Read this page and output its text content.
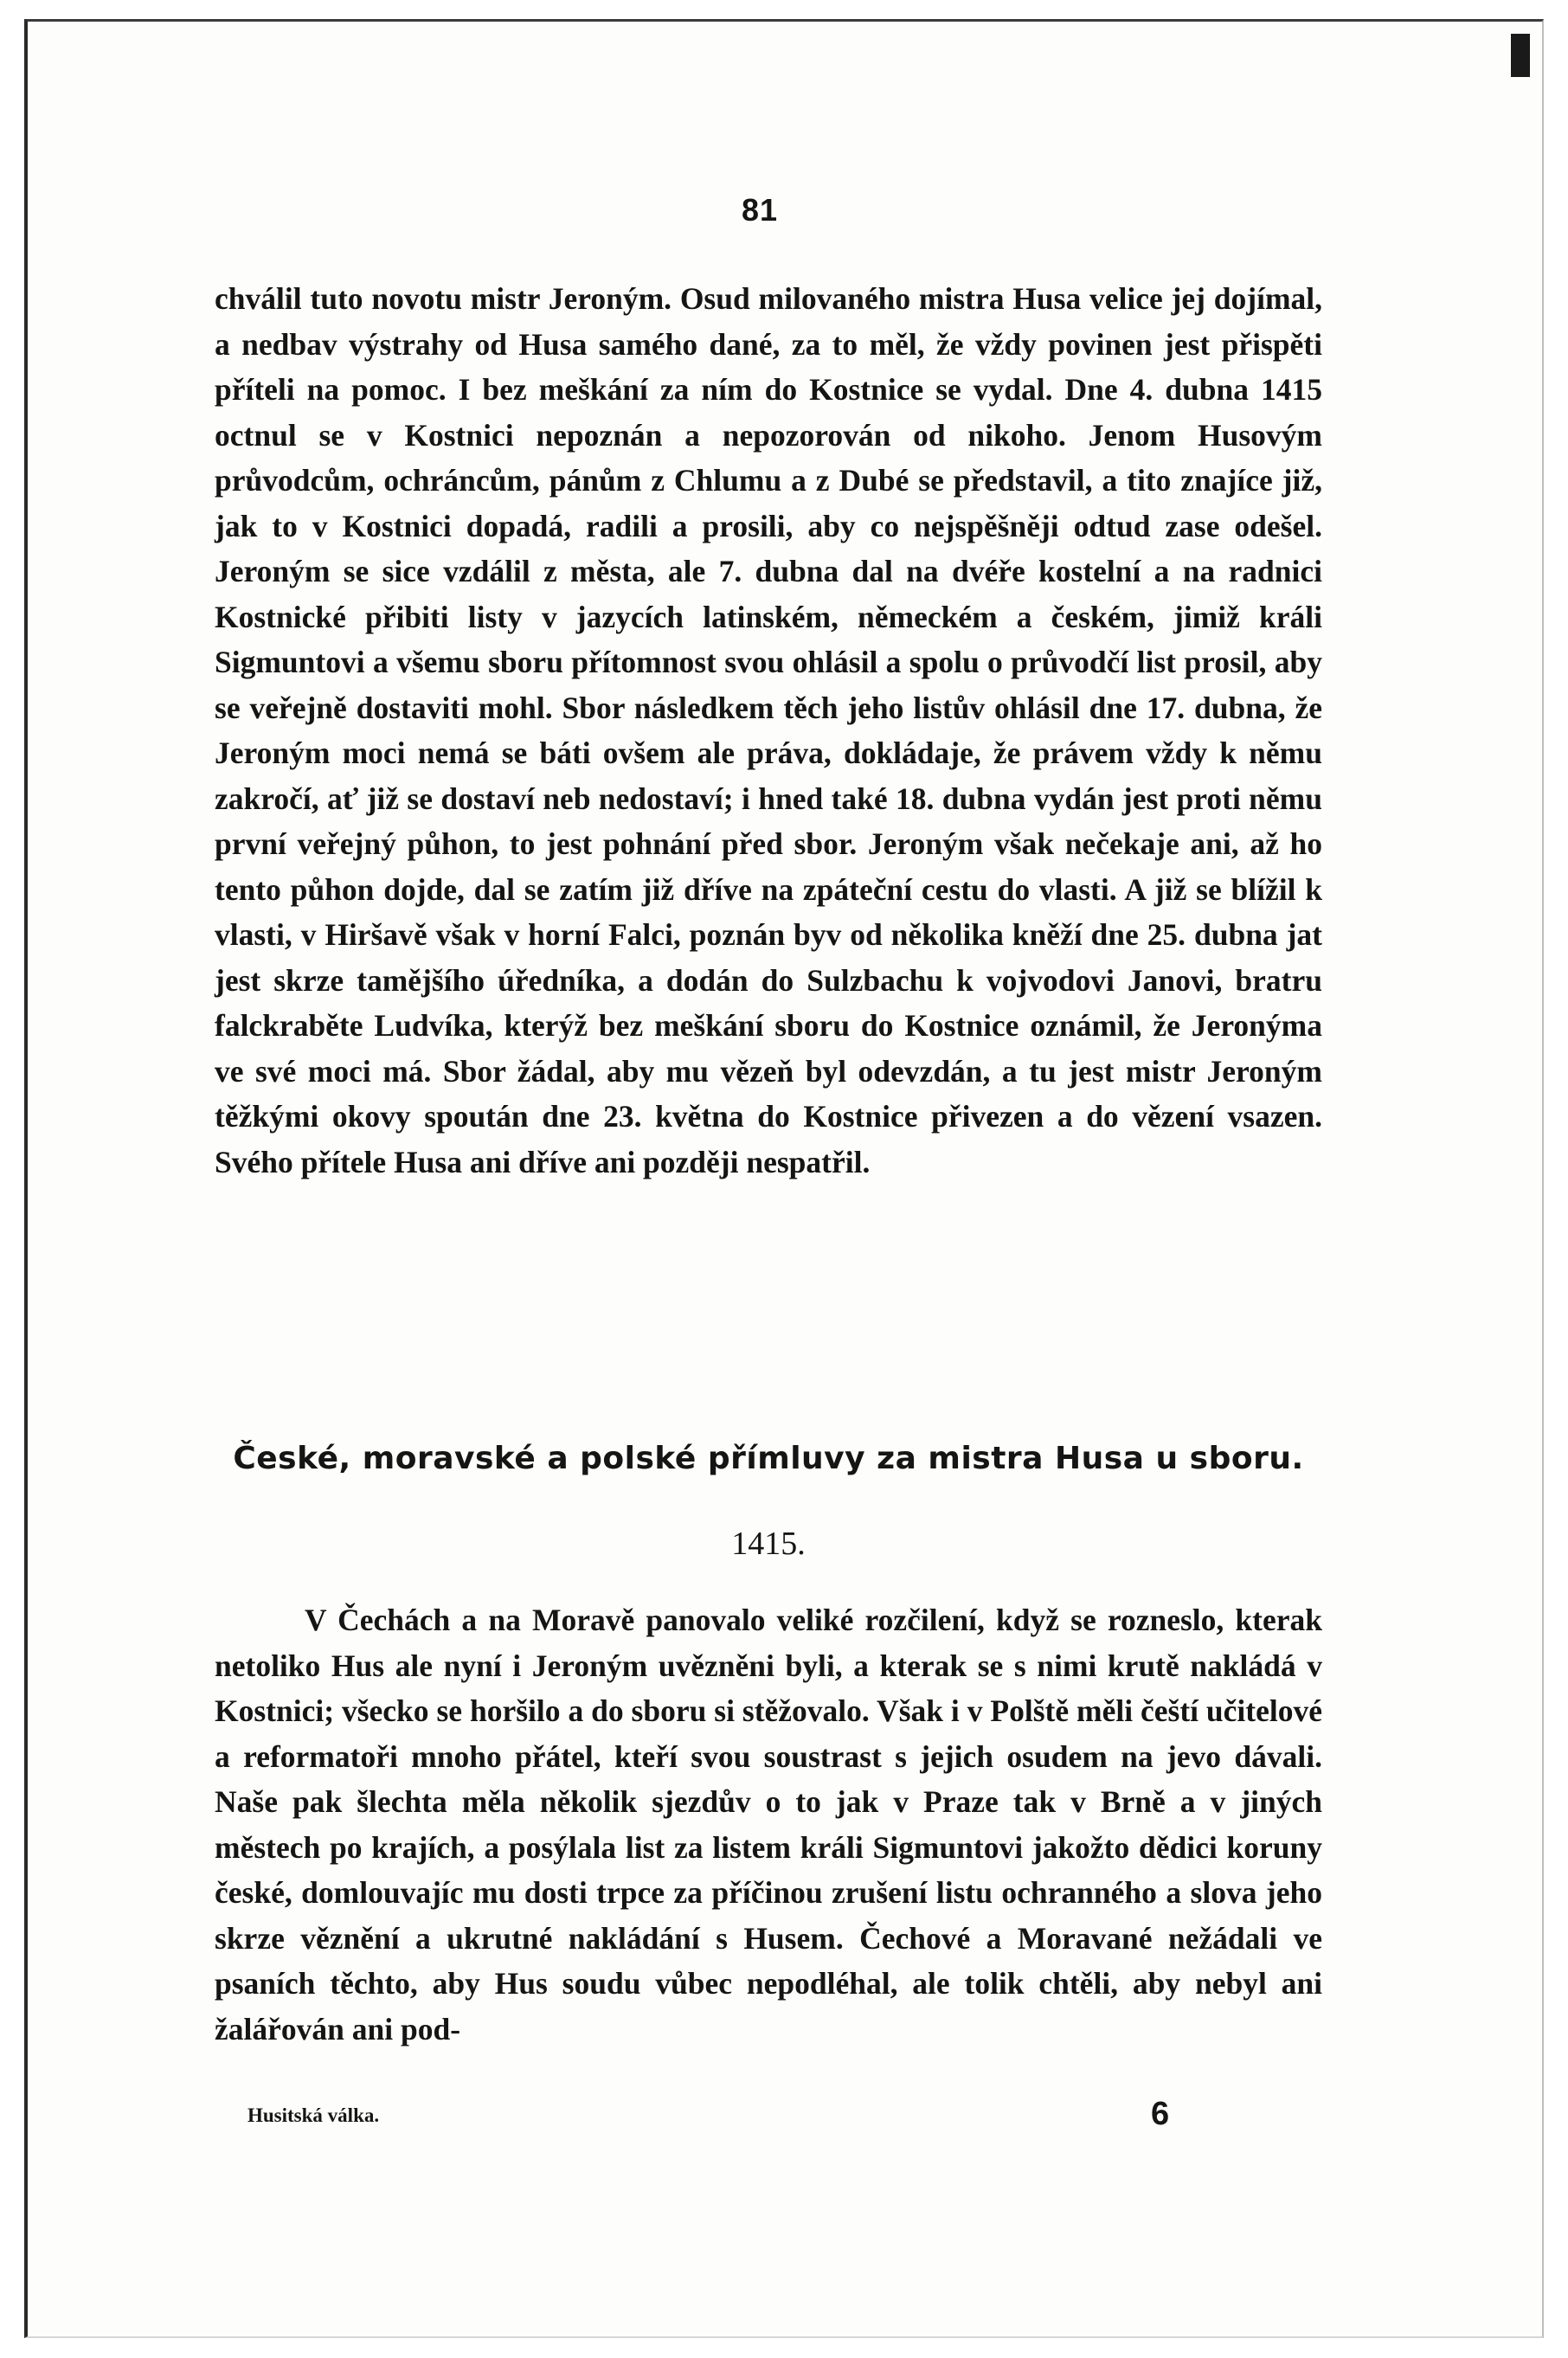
81

chválil tuto novotu mistr Jeroným. Osud milovaného mistra Husa velice jej dojímal, a nedbav výstrahy od Husa samého dané, za to měl, že vždy povinen jest přispěti příteli na pomoc. I bez meškání za ním do Kostnice se vydal. Dne 4. dubna 1415 octnul se v Kostnici nepoznán a nepozorován od nikoho. Jenom Husovým průvodcům, ochráncům, pánům z Chlumu a z Dubé se představil, a tito znajíce již, jak to v Kostnici dopadá, radili a prosili, aby co nejspěšněji odtud zase odešel. Jeroným se sice vzdálil z města, ale 7. dubna dal na dvéře kostelní a na radnici Kostnické přibiti listy v jazycích latinském, německém a českém, jimiž králi Sigmuntovi a všemu sboru přítomnost svou ohlásil a spolu o průvodčí list prosil, aby se veřejně dostaviti mohl. Sbor následkem těch jeho listův ohlásil dne 17. dubna, že Jeroným moci nemá se báti ovšem ale práva, dokládaje, že právem vždy k němu zakročí, ať již se dostaví neb nedostaví; i hned také 18. dubna vydán jest proti němu první veřejný půhon, to jest pohnání před sbor. Jeroným však nečekaje ani, až ho tento půhon dojde, dal se zatím již dříve na zpáteční cestu do vlasti. A již se blížil k vlasti, v Hiršavě však v horní Falci, poznán byv od několika kněží dne 25. dubna jat jest skrze tamějšího úředníka, a dodán do Sulzbachu k vojvodovi Janovi, bratru falckraběte Ludvíka, kterýž bez meškání sboru do Kostnice oznámil, že Jeronýma ve své moci má. Sbor žádal, aby mu vězeň byl odevzdán, a tu jest mistr Jeroným těžkými okovy spoután dne 23. května do Kostnice přivezen a do vězení vsazen. Svého přítele Husa ani dříve ani později nespatřil.

České, moravské a polské přímluvy za mistra Husa u sboru.
1415.

V Čechách a na Moravě panovalo veliké rozčilení, když se rozneslo, kterak netoliko Hus ale nyní i Jeroným uvězněni byli, a kterak se s nimi krutě nakládá v Kostnici; všecko se horšilo a do sboru si stěžovalo. Však i v Polště měli čeští učitelové a reformatoři mnoho přátel, kteří svou soustrast s jejich osudem na jevo dávali. Naše pak šlechta měla několik sjezdův o to jak v Praze tak v Brně a v jiných městech po krajích, a posýlala list za listem králi Sigmuntovi jakožto dědici koruny české, domlouvajíc mu dosti trpce za příčinou zrušení listu ochranného a slova jeho skrze věznění a ukrutné nakládání s Husem. Čechové a Moravané nežádali ve psaních těchto, aby Hus soudu vůbec nepodléhal, ale tolik chtěli, aby nebyl ani žalářován ani pod-

Husitská válka.	6
